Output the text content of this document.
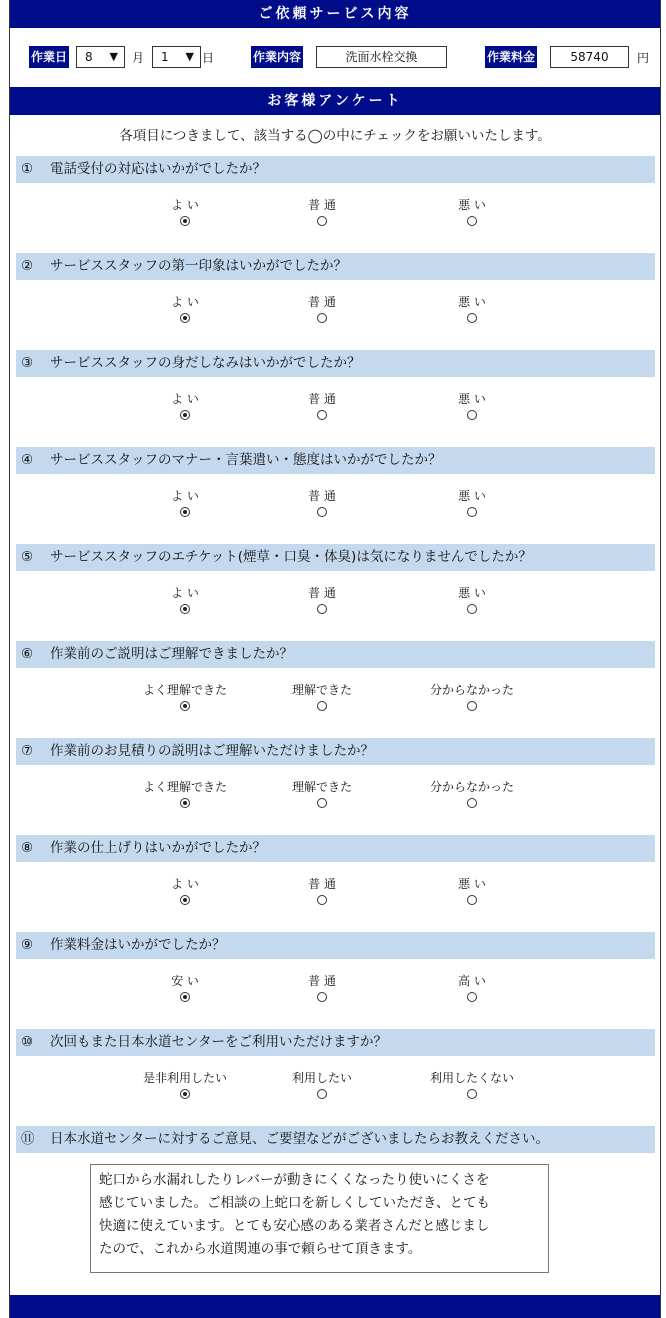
ご依頼サービス内容
作業日	8 ▼ 月	1 ▼ 日	作業内容	洗面水栓交換	作業料金	58740	円
お客様アンケート
各項目につきまして、該当する◯の中にチェックをお願いいたします。
① 電話受付の対応はいかがでしたか？
よ い	普 通	悪 い
② サービススタッフの第一印象はいかがでしたか？
よ い	普 通	悪 い
③ サービススタッフの身だしなみはいかがでしたか？
よ い	普 通	悪 い
④ サービススタッフのマナー・言葉遣い・態度はいかがでしたか？
よ い	普 通	悪 い
⑤ サービススタッフのエチケット(煙草・口臭・体臭)は気になりませんでしたか？
よ い	普 通	悪 い
⑥ 作業前のご説明はご理解できましたか？
よく理解できた	理解できた	分からなかった
⑦ 作業前のお見積りの説明はご理解いただけましたか？
よく理解できた	理解できた	分からなかった
⑧ 作業の仕上げりはいかがでしたか？
よ い	普 通	悪 い
⑨ 作業料金はいかがでしたか？
安 い	普 通	高 い
⑩ 次回もまた日本水道センターをご利用いただけますか？
是非利用したい	利用したい	利用したくない
⑪ 日本水道センターに対するご意見、ご要望などがございましたらお教えください。
蛇口から水漏れしたりレバーが動きにくくなったり使いにくさを
感じていました。ご相談の上蛇口を新しくしていただき、とても
快適に使えています。とても安心感のある業者さんだと感じまし
たので、これから水道関連の事で頼らせて頂きます。
